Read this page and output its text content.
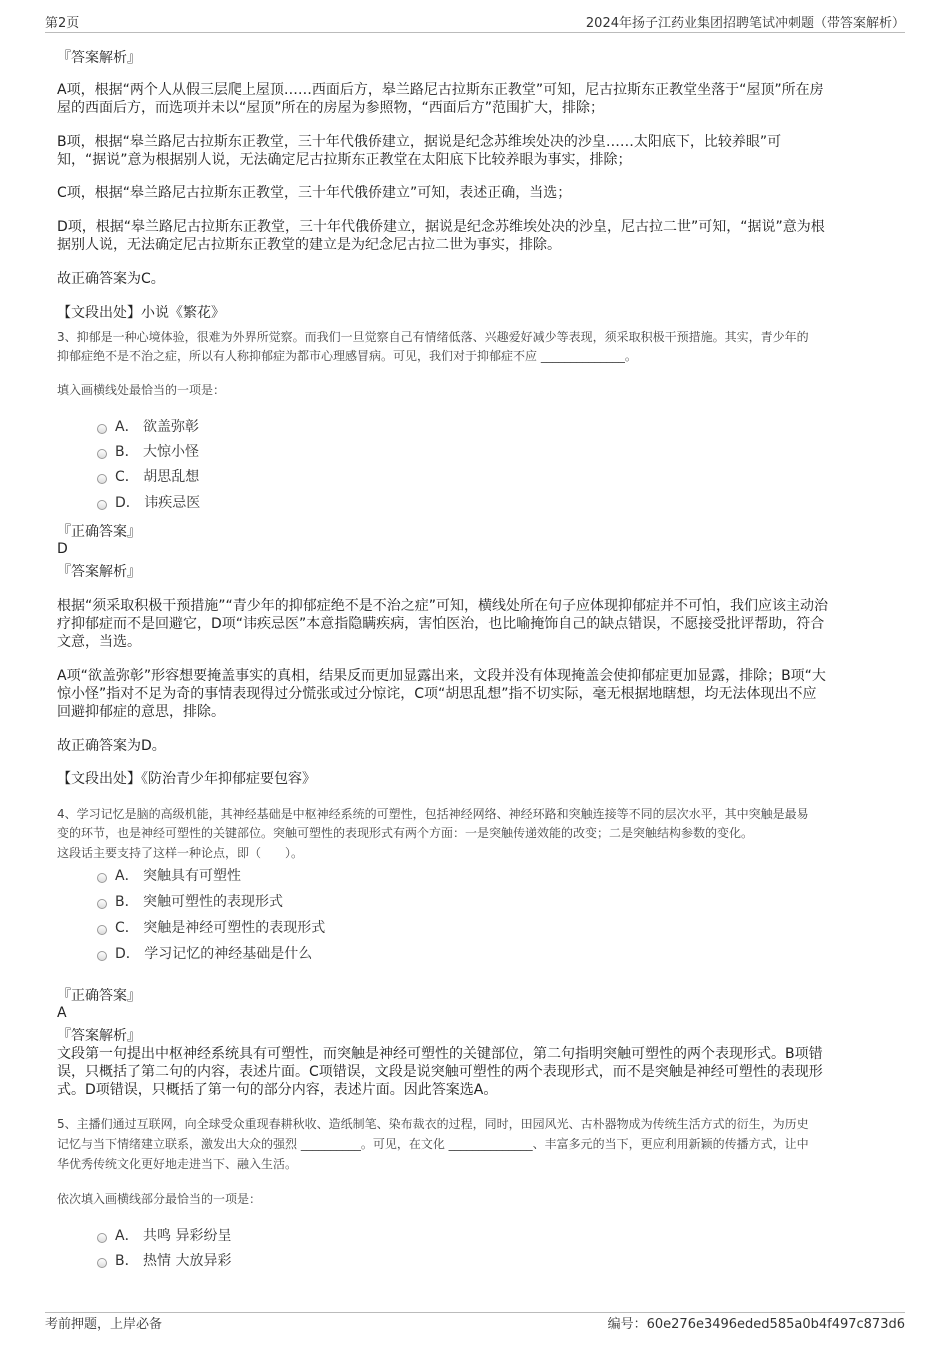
第2页	2024年扬子江药业集团招聘笔试冲刺题（带答案解析）
『答案解析』
A项，根据“两个人从假三层爬上屋顶……西面后方，皋兰路尼古拉斯东正教堂”可知，尼古拉斯东正教堂坐落于“屋顶”所在房
屋的西面后方，而选项并未以“屋顶”所在的房屋为参照物，“西面后方”范围扩大，排除；
B项，根据“皋兰路尼古拉斯东正教堂，三十年代俄侨建立，据说是纪念苏维埃处决的沙皇……太阳底下，比较养眼”可
知，“据说”意为根据别人说，无法确定尼古拉斯东正教堂在太阳底下比较养眼为事实，排除；
C项，根据“皋兰路尼古拉斯东正教堂，三十年代俄侨建立”可知，表述正确，当选；
D项，根据“皋兰路尼古拉斯东正教堂，三十年代俄侨建立，据说是纪念苏维埃处决的沙皇，尼古拉二世”可知，“据说”意为根
据别人说，无法确定尼古拉斯东正教堂的建立是为纪念尼古拉二世为事实，排除。
故正确答案为C。
【文段出处】小说《繁花》
3、抑郁是一种心境体验，很难为外界所觉察。而我们一旦觉察自己有情绪低落、兴趣爱好减少等表现，须采取积极干预措施。其实，青少年的
抑郁症绝不是不治之症，所以有人称抑郁症为都市心理感冒病。可见，我们对于抑郁症不应 ______________。
填入画横线处最恰当的一项是：
A． 欲盖弥彰
B． 大惊小怪
C． 胡思乱想
D． 讳疾忌医
『正确答案』
D
『答案解析』
根据“须采取积极干预措施”“青少年的抑郁症绝不是不治之症”可知，横线处所在句子应体现抑郁症并不可怕，我们应该主动治
疗抑郁症而不是回避它，D项“讳疾忌医”本意指隐瞒疾病，害怕医治，也比喻掩饰自己的缺点错误，不愿接受批评帮助，符合
文意，当选。
A项“欲盖弥彰”形容想要掩盖事实的真相，结果反而更加显露出来，文段并没有体现掩盖会使抑郁症更加显露，排除；B项“大
惊小怪”指对不足为奇的事情表现得过分慌张或过分惊诧，C项“胡思乱想”指不切实际，毫无根据地瞎想，均无法体现出不应
回避抑郁症的意思，排除。
故正确答案为D。
【文段出处】《防治青少年抑郁症要包容》
4、学习记忆是脑的高级机能，其神经基础是中枢神经系统的可塑性，包括神经网络、神经环路和突触连接等不同的层次水平，其中突触是最易
变的环节，也是神经可塑性的关键部位。突触可塑性的表现形式有两个方面：一是突触传递效能的改变；二是突触结构参数的变化。
这段话主要支持了这样一种论点，即（　　）。
A． 突触具有可塑性
B． 突触可塑性的表现形式
C． 突触是神经可塑性的表现形式
D． 学习记忆的神经基础是什么
『正确答案』
A
『答案解析』
文段第一句提出中枢神经系统具有可塑性，而突触是神经可塑性的关键部位，第二句指明突触可塑性的两个表现形式。B项错
误，只概括了第二句的内容，表述片面。C项错误，文段是说突触可塑性的两个表现形式，而不是突触是神经可塑性的表现形
式。D项错误，只概括了第一句的部分内容，表述片面。因此答案选A。
5、主播们通过互联网，向全球受众重现春耕秋收、造纸制笔、染布裁衣的过程，同时，田园风光、古朴器物成为传统生活方式的衍生，为历史
记忆与当下情绪建立联系，激发出大众的强烈 __________。可见，在文化 ______________、丰富多元的当下，更应利用新颖的传播方式，让中
华优秀传统文化更好地走进当下、融入生活。
依次填入画横线部分最恰当的一项是：
A． 共鸣 异彩纷呈
B． 热情 大放异彩
考前押题，上岸必备	编号：60e276e3496eded585a0b4f497c873d6
